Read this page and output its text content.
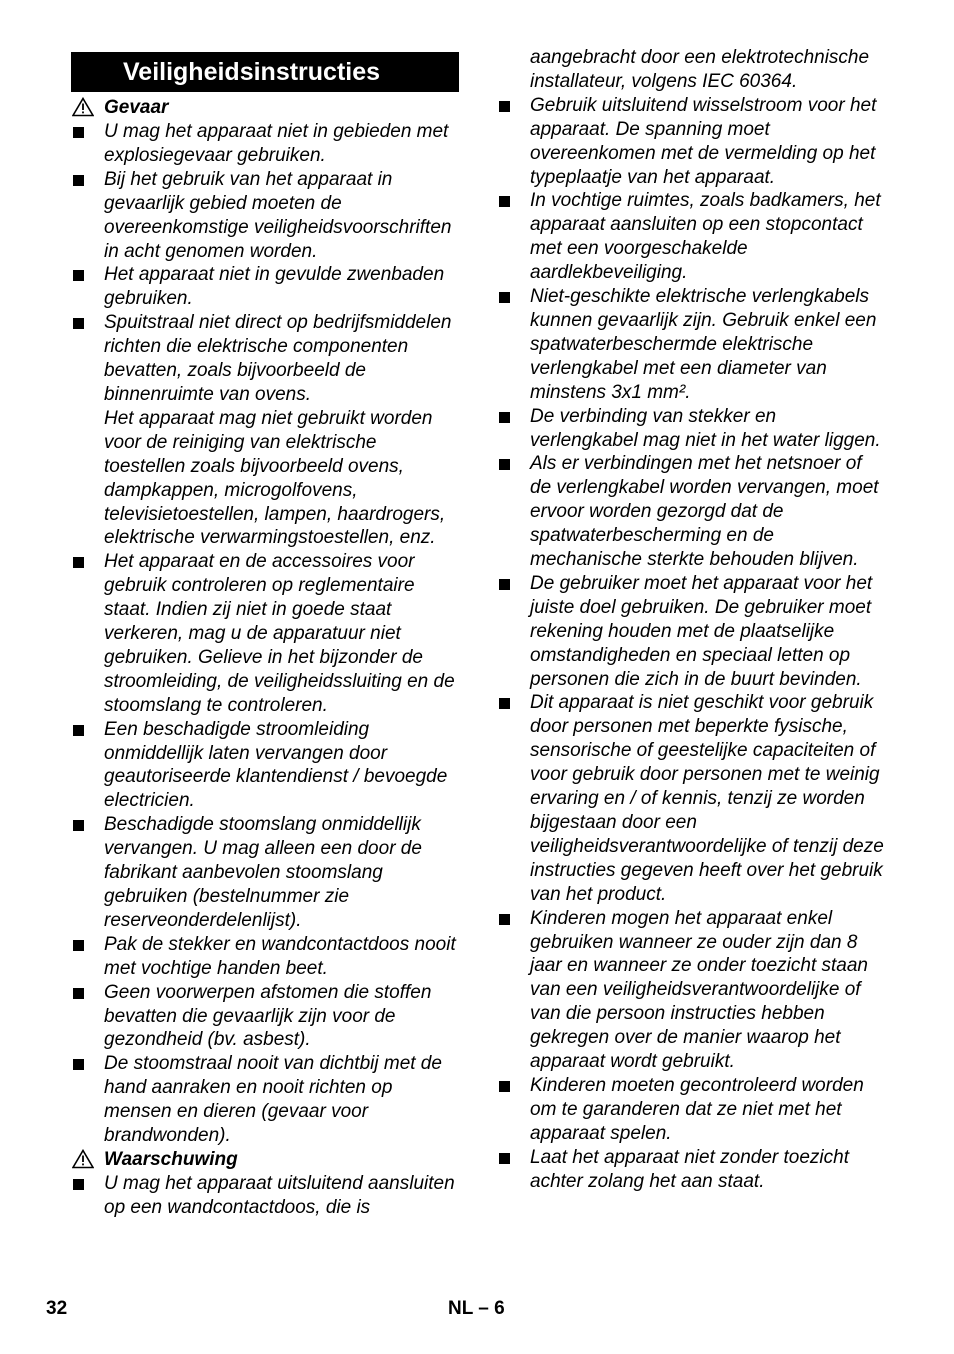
Veiligheidsinstructies
Gevaar
U mag het apparaat niet in gebieden met explosiegevaar gebruiken.
Bij het gebruik van het apparaat in gevaarlijk gebied moeten de overeenkomstige veiligheidsvoorschriften in acht genomen worden.
Het apparaat niet in gevulde zwenbaden gebruiken.

Spuitstraal niet direct op bedrijfsmiddelen richten die elektrische componenten bevatten, zoals bijvoorbeeld de binnenruimte van ovens.

Het apparaat mag niet gebruikt worden voor de reiniging van elektrische toestellen zoals bijvoorbeeld ovens, dampkappen, microgolfovens, televisietoestellen, lampen, haardrogers, elektrische verwarmingstoestellen, enz.

Het apparaat en de accessoires voor gebruik controleren op reglementaire staat. Indien zij niet in goede staat verkeren, mag u de apparatuur niet gebruiken. Gelieve in het bijzonder de stroomleiding, de veiligheidssluiting en de stoomslang te controleren.
Een beschadigde stroomleiding onmiddellijk laten vervangen door geautoriseerde klantendienst / bevoegde electricien.
Beschadigde stoomslang onmiddellijk vervangen. U mag alleen een door de fabrikant aanbevolen stoomslang gebruiken (bestelnummer zie reserveonderdelenlijst).
Pak de stekker en wandcontactdoos nooit met vochtige handen beet.
Geen voorwerpen afstomen die stoffen bevatten die gevaarlijk zijn voor de gezondheid (bv. asbest).
De stoomstraal nooit van dichtbij met de hand aanraken en nooit richten op mensen en dieren (gevaar voor brandwonden).
Waarschuwing
U mag het apparaat uitsluitend aansluiten op een wandcontactdoos, die is

aangebracht door een elektrotechnische installateur, volgens IEC 60364.

Gebruik uitsluitend wisselstroom voor het apparaat. De spanning moet overeenkomen met de vermelding op het typeplaatje van het apparaat.
In vochtige ruimtes, zoals badkamers, het apparaat aansluiten op een stopcontact met een voorgeschakelde aardlekbeveiliging.
Niet-geschikte elektrische verlengkabels kunnen gevaarlijk zijn. Gebruik enkel een spatwaterbeschermde elektrische verlengkabel met een diameter van minstens 3x1 mm².
De verbinding van stekker en verlengkabel mag niet in het water liggen.
Als er verbindingen met het netsnoer of de verlengkabel worden vervangen, moet ervoor worden gezorgd dat de spatwaterbescherming en de mechanische sterkte behouden blijven.
De gebruiker moet het apparaat voor het juiste doel gebruiken. De gebruiker moet rekening houden met de plaatselijke omstandigheden en speciaal letten op personen die zich in de buurt bevinden.
Dit apparaat is niet geschikt voor gebruik door personen met beperkte fysische, sensorische of geestelijke capaciteiten of voor gebruik door personen met te weinig ervaring en / of kennis, tenzij ze worden bijgestaan door een veiligheidsverantwoordelijke of tenzij deze instructies gegeven heeft over het gebruik van het product.
Kinderen mogen het apparaat enkel gebruiken wanneer ze ouder zijn dan 8 jaar en wanneer ze onder toezicht staan van een veiligheidsverantwoordelijke of van die persoon instructies hebben gekregen over de manier waarop het apparaat wordt gebruikt.
Kinderen moeten gecontroleerd worden om te garanderen dat ze niet met het apparaat spelen.
Laat het apparaat niet zonder toezicht achter zolang het aan staat.
32	NL – 6
